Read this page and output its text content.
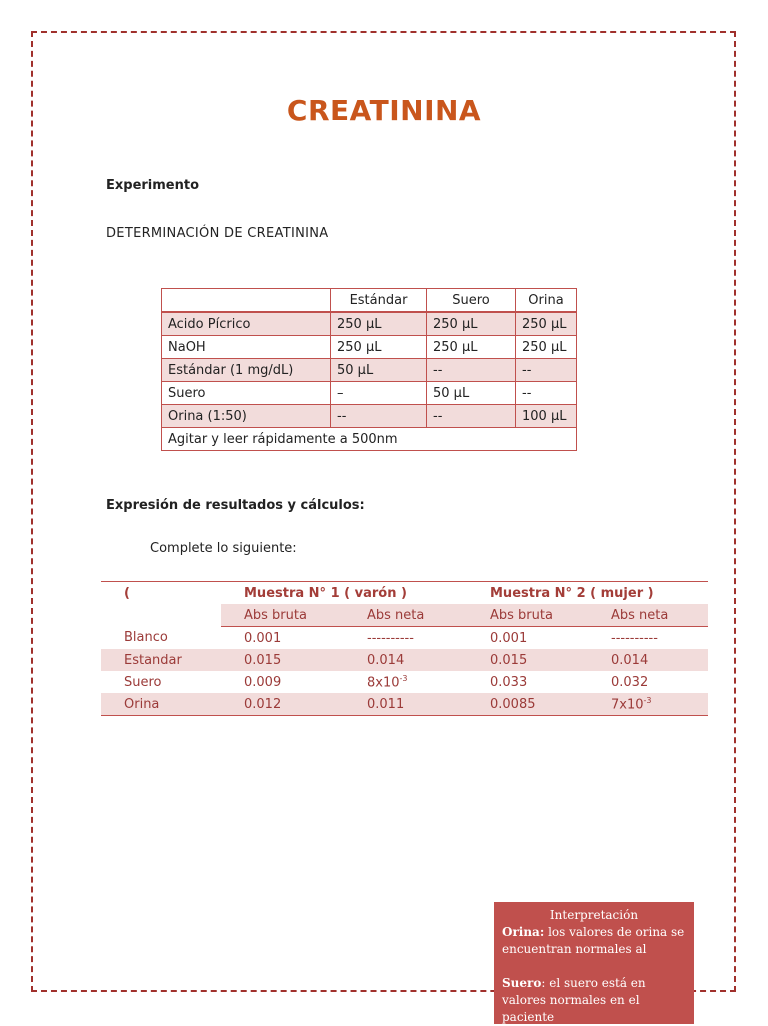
CREATININA
Experimento
DETERMINACIÓN DE CREATININA
	Estándar	Suero	Orina
Acido Pícrico	250 µL	250 µL	250 µL
NaOH	250 µL	250 µL	250 µL
Estándar (1 mg/dL)	50 µL	--	--
Suero	–	50 µL	--
Orina (1:50)	--	--	100 µL
Agitar y leer rápidamente a 500nm			
Expresión de resultados y cálculos:
Complete lo siguiente:
(	Muestra N° 1 ( varón )		Muestra N° 2 ( mujer )	
	Abs bruta	Abs neta	Abs bruta	Abs neta
Blanco	0.001	----------	0.001	----------
Estandar	0.015	0.014	0.015	0.014
Suero	0.009	$8x10^{-3}$	0.033	0.032
Orina	0.012	0.011	0.0085	$7x10^{-3}$
Interpretación
Orina: los valores de orina se encuentran normales al
Suero: el suero está en valores normales en el paciente
